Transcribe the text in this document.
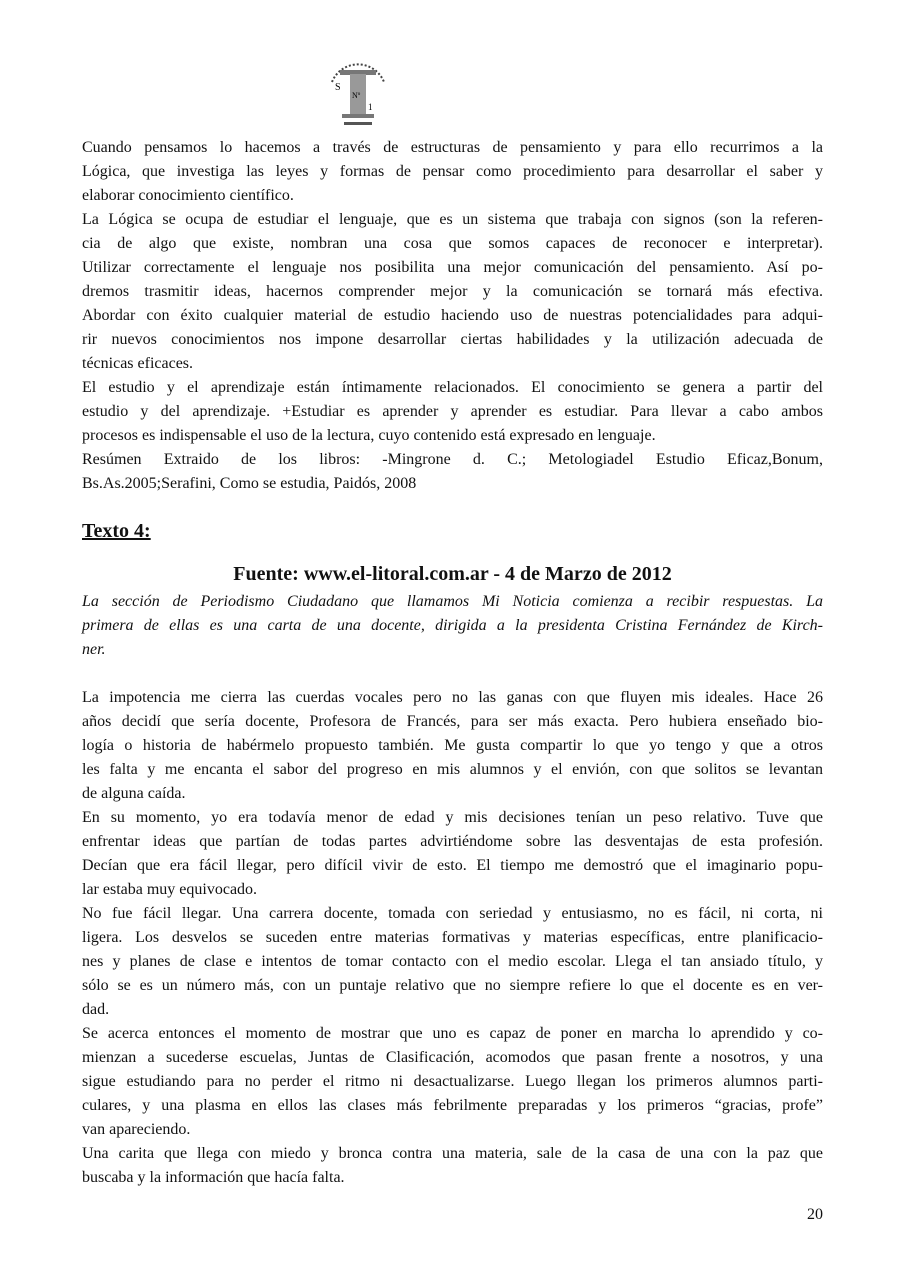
S
Nº
1
Cuando pensamos lo hacemos a través de estructuras de pensamiento y para ello recurrimos a la
Lógica, que investiga las leyes y formas de pensar como procedimiento para desarrollar el saber y
elaborar conocimiento científico.
La Lógica se ocupa de estudiar el lenguaje, que es un sistema que trabaja con signos (son la referen-
cia de algo que existe, nombran una cosa que somos capaces de reconocer e interpretar).
Utilizar correctamente el lenguaje nos posibilita una mejor comunicación del pensamiento. Así po-
dremos trasmitir ideas, hacernos comprender mejor y la comunicación se tornará más efectiva.
Abordar con éxito cualquier material de estudio haciendo uso de nuestras potencialidades para adqui-
rir nuevos conocimientos nos impone desarrollar ciertas habilidades y la utilización adecuada de
técnicas eficaces.
El estudio y el aprendizaje están íntimamente relacionados. El conocimiento se genera a partir del
estudio y del aprendizaje. +Estudiar es aprender y aprender es estudiar. Para llevar a cabo ambos
procesos es indispensable el uso de la lectura, cuyo contenido está expresado en lenguaje.
Resúmen Extraido de los libros: -Mingrone d. C.; Metologiadel Estudio Eficaz,Bonum,
Bs.As.2005;Serafini, Como se estudia, Paidós, 2008
Texto 4:
Fuente: www.el-litoral.com.ar - 4 de Marzo de 2012
La sección de Periodismo Ciudadano que llamamos Mi Noticia comienza a recibir respuestas. La
primera de ellas es una carta de una docente, dirigida a la presidenta Cristina Fernández de Kirch-
ner.
La impotencia me cierra las cuerdas vocales pero no las ganas con que fluyen mis ideales. Hace 26
años decidí que sería docente, Profesora de Francés, para ser más exacta. Pero hubiera enseñado bio-
logía o historia de habérmelo propuesto también. Me gusta compartir lo que yo tengo y que a otros
les falta y me encanta el sabor del progreso en mis alumnos y el envión, con que solitos se levantan
de alguna caída.
En su momento, yo era todavía menor de edad y mis decisiones tenían un peso relativo. Tuve que
enfrentar ideas que partían de todas partes advirtiéndome sobre las desventajas de esta profesión.
Decían que era fácil llegar, pero difícil vivir de esto. El tiempo me demostró que el imaginario popu-
lar estaba muy equivocado.
No fue fácil llegar. Una carrera docente, tomada con seriedad y entusiasmo, no es fácil, ni corta, ni
ligera. Los desvelos se suceden entre materias formativas y materias específicas, entre planificacio-
nes y planes de clase e intentos de tomar contacto con el medio escolar. Llega el tan ansiado título, y
sólo se es un número más, con un puntaje relativo que no siempre refiere lo que el docente es en ver-
dad.
Se acerca entonces el momento de mostrar que uno es capaz de poner en marcha lo aprendido y co-
mienzan a sucederse escuelas, Juntas de Clasificación, acomodos que pasan frente a nosotros, y una
sigue estudiando para no perder el ritmo ni desactualizarse. Luego llegan los primeros alumnos parti-
culares, y una plasma en ellos las clases más febrilmente preparadas y los primeros “gracias, profe”
van apareciendo.
Una carita que llega con miedo y bronca contra una materia, sale de la casa de una con la paz que
buscaba y la información que hacía falta.
20
